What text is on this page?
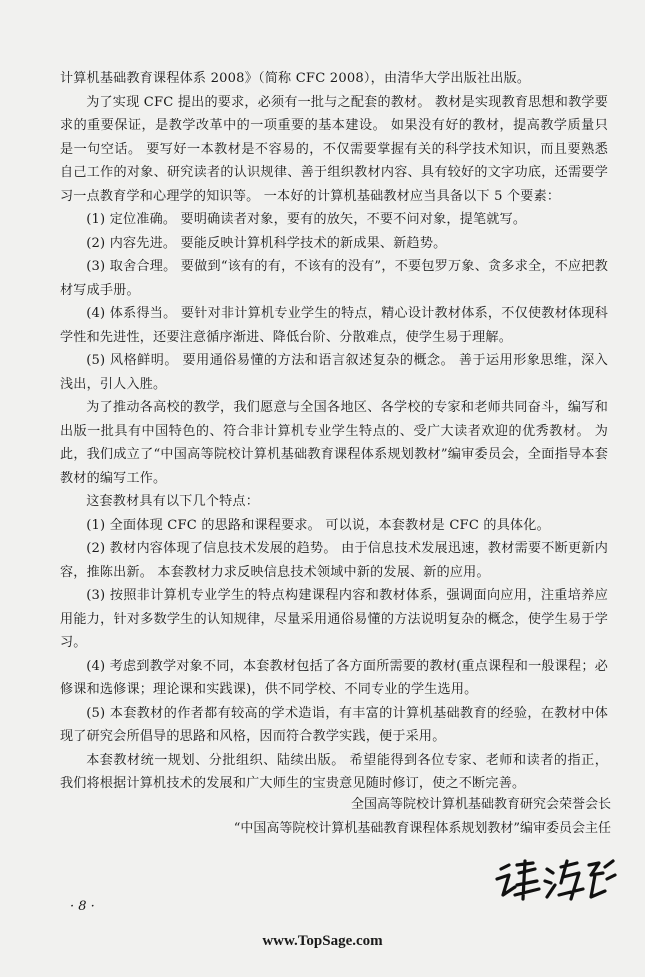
计算机基础教育课程体系 2008》（简称 CFC 2008），由清华大学出版社出版。

为了实现 CFC 提出的要求，必须有一批与之配套的教材。 教材是实现教育思想和教学要求的重要保证，是教学改革中的一项重要的基本建设。 如果没有好的教材，提高教学质量只是一句空话。 要写好一本教材是不容易的，不仅需要掌握有关的科学技术知识，而且要熟悉自己工作的对象、研究读者的认识规律、善于组织教材内容、具有较好的文字功底，还需要学习一点教育学和心理学的知识等。 一本好的计算机基础教材应当具备以下 5 个要素：

(1) 定位准确。 要明确读者对象，要有的放矢，不要不问对象，提笔就写。

(2) 内容先进。 要能反映计算机科学技术的新成果、新趋势。

(3) 取舍合理。 要做到“该有的有，不该有的没有”，不要包罗万象、贪多求全，不应把教材写成手册。

(4) 体系得当。 要针对非计算机专业学生的特点，精心设计教材体系，不仅使教材体现科学性和先进性，还要注意循序渐进、降低台阶、分散难点，使学生易于理解。

(5) 风格鲜明。 要用通俗易懂的方法和语言叙述复杂的概念。 善于运用形象思维，深入浅出，引人入胜。

为了推动各高校的教学，我们愿意与全国各地区、各学校的专家和老师共同奋斗，编写和出版一批具有中国特色的、符合非计算机专业学生特点的、受广大读者欢迎的优秀教材。 为此，我们成立了“中国高等院校计算机基础教育课程体系规划教材”编审委员会，全面指导本套教材的编写工作。

这套教材具有以下几个特点：

(1) 全面体现 CFC 的思路和课程要求。 可以说，本套教材是 CFC 的具体化。

(2) 教材内容体现了信息技术发展的趋势。 由于信息技术发展迅速，教材需要不断更新内容，推陈出新。 本套教材力求反映信息技术领域中新的发展、新的应用。

(3) 按照非计算机专业学生的特点构建课程内容和教材体系，强调面向应用，注重培养应用能力，针对多数学生的认知规律，尽量采用通俗易懂的方法说明复杂的概念，使学生易于学习。

(4) 考虑到教学对象不同，本套教材包括了各方面所需要的教材(重点课程和一般课程；必修课和选修课；理论课和实践课)，供不同学校、不同专业的学生选用。

(5) 本套教材的作者都有较高的学术造诣，有丰富的计算机基础教育的经验，在教材中体现了研究会所倡导的思路和风格，因而符合教学实践，便于采用。

本套教材统一规划、分批组织、陆续出版。 希望能得到各位专家、老师和读者的指正，我们将根据计算机技术的发展和广大师生的宝贵意见随时修订，使之不断完善。

全国高等院校计算机基础教育研究会荣誉会长
“中国高等院校计算机基础教育课程体系规划教材”编审委员会主任
· 8 ·
www.TopSage.com
